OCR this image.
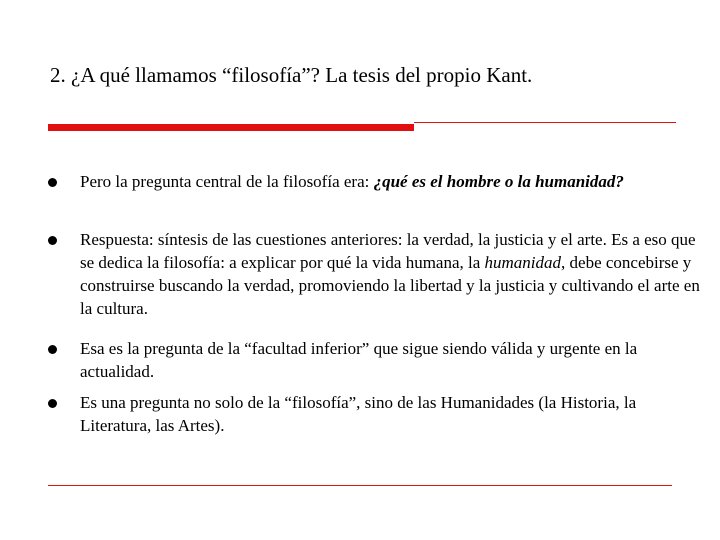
2. ¿A qué llamamos “filosofía”? La tesis del propio Kant.
Pero la pregunta central de la filosofía era: ¿qué es el hombre o la humanidad?
Respuesta: síntesis de las cuestiones anteriores: la verdad, la justicia y el arte. Es a eso que se dedica la filosofía: a explicar por qué la vida humana, la humanidad, debe concebirse y construirse buscando la verdad, promoviendo la libertad y la justicia y cultivando el arte en la cultura.
Esa es la pregunta de la “facultad inferior” que sigue siendo válida y urgente en la actualidad.
Es una pregunta no solo de la “filosofía”, sino de las Humanidades (la Historia, la Literatura, las Artes).
